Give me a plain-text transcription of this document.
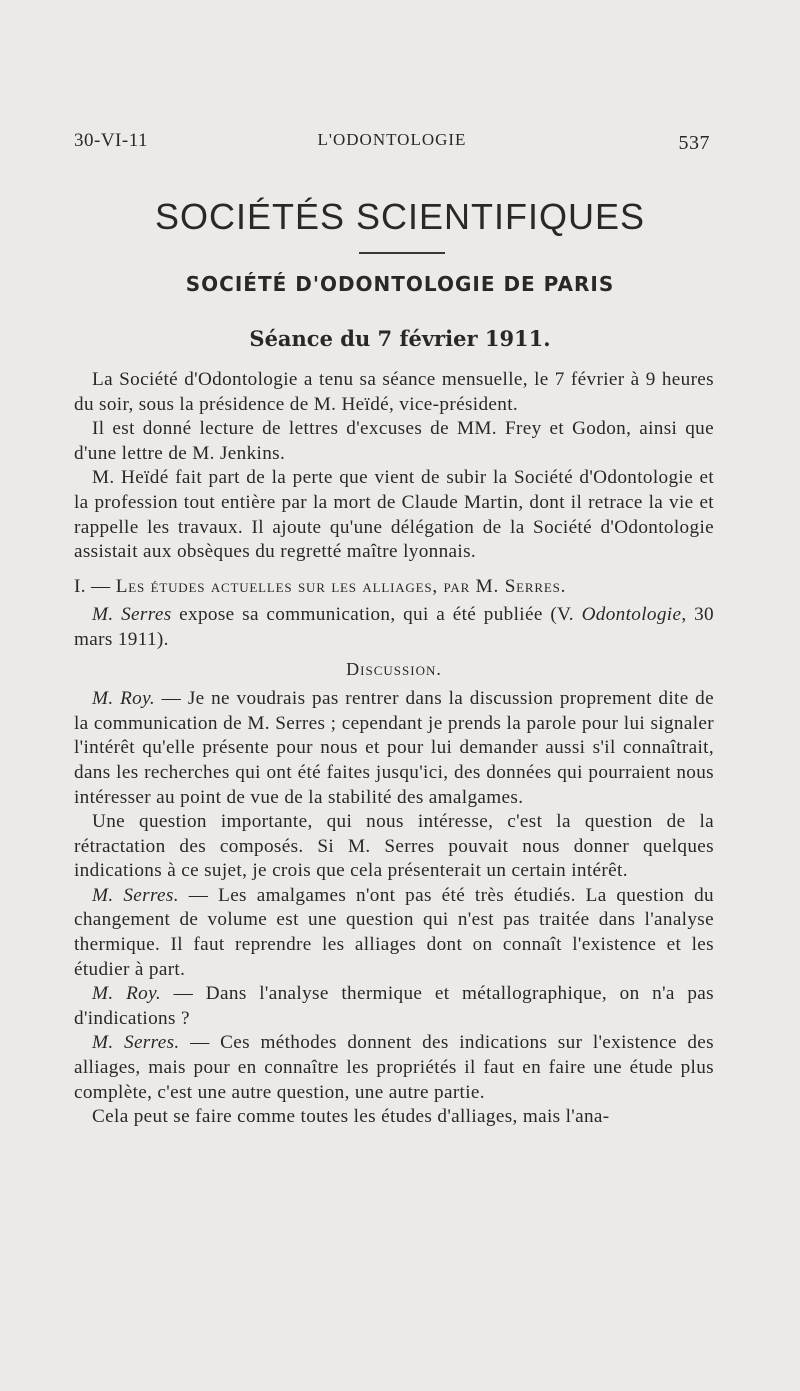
30-VI-11	L'ODONTOLOGIE	537
SOCIÉTÉS SCIENTIFIQUES
SOCIÉTÉ D'ODONTOLOGIE DE PARIS
Séance du 7 février 1911.

La Société d'Odontologie a tenu sa séance mensuelle, le 7 février à 9 heures du soir, sous la présidence de M. Heïdé, vice-président.

Il est donné lecture de lettres d'excuses de MM. Frey et Godon, ainsi que d'une lettre de M. Jenkins.

M. Heïdé fait part de la perte que vient de subir la Société d'Odontologie et la profession tout entière par la mort de Claude Martin, dont il retrace la vie et rappelle les travaux. Il ajoute qu'une délégation de la Société d'Odontologie assistait aux obsèques du regretté maître lyonnais.

I. — Les études actuelles sur les alliages, par M. Serres.

M. Serres expose sa communication, qui a été publiée (V. Odontologie, 30 mars 1911).

Discussion.

M. Roy. — Je ne voudrais pas rentrer dans la discussion proprement dite de la communication de M. Serres ; cependant je prends la parole pour lui signaler l'intérêt qu'elle présente pour nous et pour lui demander aussi s'il connaîtrait, dans les recherches qui ont été faites jusqu'ici, des données qui pourraient nous intéresser au point de vue de la stabilité des amalgames.

Une question importante, qui nous intéresse, c'est la question de la rétractation des composés. Si M. Serres pouvait nous donner quelques indications à ce sujet, je crois que cela présenterait un certain intérêt.

M. Serres. — Les amalgames n'ont pas été très étudiés. La question du changement de volume est une question qui n'est pas traitée dans l'analyse thermique. Il faut reprendre les alliages dont on connaît l'existence et les étudier à part.

M. Roy. — Dans l'analyse thermique et métallographique, on n'a pas d'indications ?

M. Serres. — Ces méthodes donnent des indications sur l'existence des alliages, mais pour en connaître les propriétés il faut en faire une étude plus complète, c'est une autre question, une autre partie.

Cela peut se faire comme toutes les études d'alliages, mais l'ana-
